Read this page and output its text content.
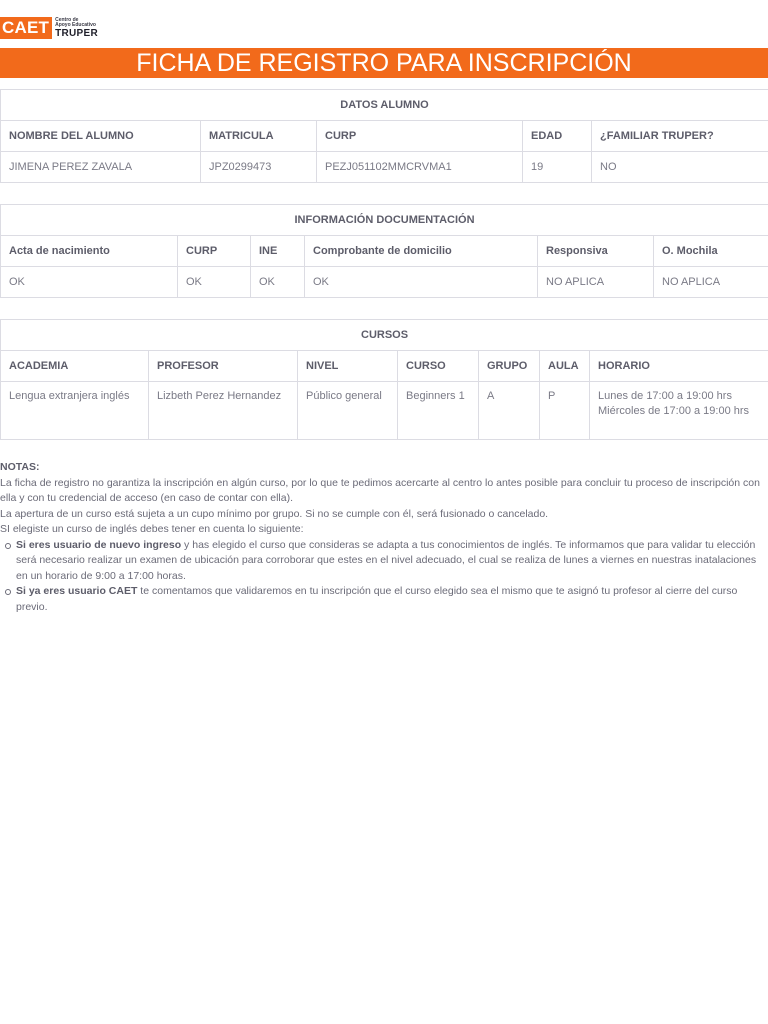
CAET	Centro de
Apoyo Educativo
TRUPER
FICHA DE REGISTRO PARA INSCRIPCIÓN
DATOS ALUMNO				
NOMBRE DEL ALUMNO	MATRICULA	CURP	EDAD	¿FAMILIAR TRUPER?
JIMENA PEREZ ZAVALA	JPZ0299473	PEZJ051102MMCRVMA1	19	NO
INFORMACIÓN DOCUMENTACIÓN					
Acta de nacimiento	CURP	INE	Comprobante de domicilio	Responsiva	O. Mochila
OK	OK	OK	OK	NO APLICA	NO APLICA
CURSOS						
ACADEMIA	PROFESOR	NIVEL	CURSO	GRUPO	AULA	HORARIO
Lengua extranjera inglés	Lizbeth Perez Hernandez	Público general	Beginners 1	A	P	Lunes de 17:00 a 19:00 hrs
Miércoles de 17:00 a 19:00 hrs

NOTAS:

La ficha de registro no garantiza la inscripción en algún curso, por lo que te pedimos acercarte al centro lo antes posible para concluir tu proceso de inscripción con ella y con tu credencial de acceso (en caso de contar con ella).

La apertura de un curso está sujeta a un cupo mínimo por grupo. Si no se cumple con él, será fusionado o cancelado.

SI elegiste un curso de inglés debes tener en cuenta lo siguiente:

Si eres usuario de nuevo ingreso y has elegido el curso que consideras se adapta a tus conocimientos de inglés. Te informamos que para validar tu elección será necesario realizar un examen de ubicación para corroborar que estes en el nivel adecuado, el cual se realiza de lunes a viernes en nuestras inatalaciones en un horario de 9:00 a 17:00 horas.
Si ya eres usuario CAET te comentamos que validaremos en tu inscripción que el curso elegido sea el mismo que te asignó tu profesor al cierre del curso previo.
